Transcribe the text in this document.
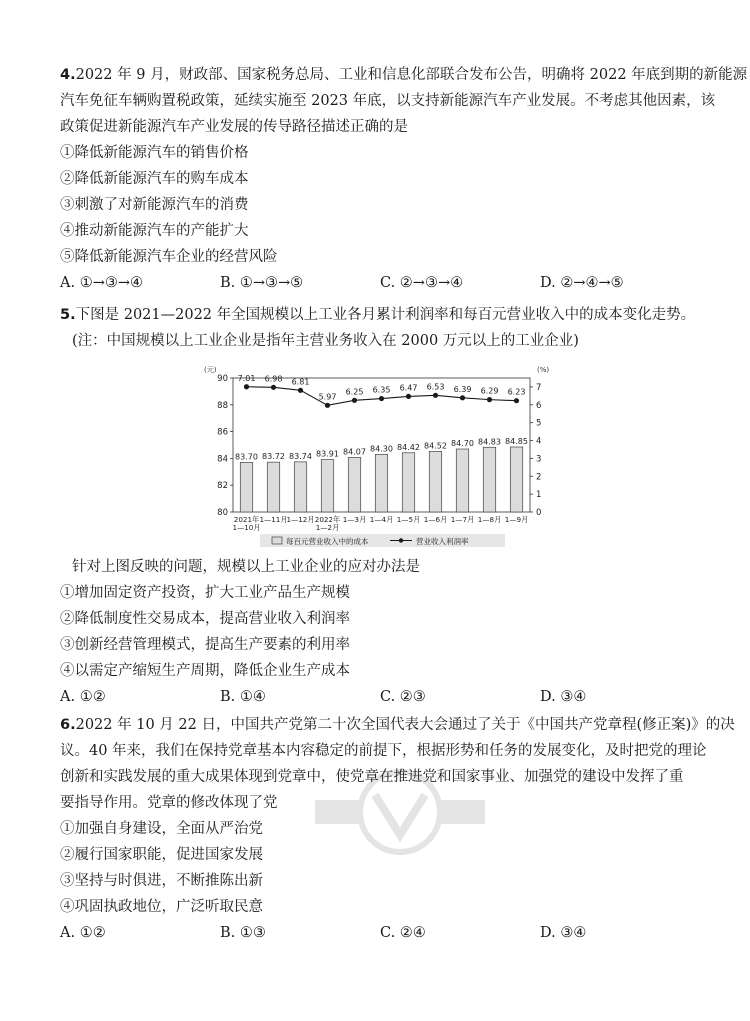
4.2022 年 9 月，财政部、国家税务总局、工业和信息化部联合发布公告，明确将 2022 年底到期的新能源
汽车免征车辆购置税政策，延续实施至 2023 年底，以支持新能源汽车产业发展。不考虑其他因素，该
政策促进新能源汽车产业发展的传导路径描述正确的是
①降低新能源汽车的销售价格
②降低新能源汽车的购车成本
③刺激了对新能源汽车的消费
④推动新能源汽车的产能扩大
⑤降低新能源汽车企业的经营风险
A. ①→③→④	B. ①→③→⑤	C. ②→③→④	D. ②→④→⑤
5.下图是 2021—2022 年全国规模以上工业各月累计利润率和每百元营业收入中的成本变化走势。
(注：中国规模以上工业企业是指年主营业务收入在 2000 万元以上的工业企业)
(元)	(%)
90
88
86
84
82
80
7
6
5
4
3
2
1
0
83.70 83.72 83.74 83.91 84.07 84.30 84.42 84.52 84.70 84.83 84.85
7.01 6.98 6.81
5.97
6.25 6.35 6.47 6.53 6.39 6.29 6.23
2021年
1—10月
1—11月
1—12月 2022年
1—2月
1—3月 1—4月 1—5月 1—6月 1—7月 1—8月 1—9月
每百元营业收入中的成本	营业收入利润率
针对上图反映的问题，规模以上工业企业的应对办法是
①增加固定资产投资，扩大工业产品生产规模
②降低制度性交易成本，提高营业收入利润率
③创新经营管理模式，提高生产要素的利用率
④以需定产缩短生产周期，降低企业生产成本
A. ①②	B. ①④	C. ②③	D. ③④
6.2022 年 10 月 22 日，中国共产党第二十次全国代表大会通过了关于《中国共产党章程(修正案)》的决
议。40 年来，我们在保持党章基本内容稳定的前提下，根据形势和任务的发展变化，及时把党的理论
创新和实践发展的重大成果体现到党章中，使党章在推进党和国家事业、加强党的建设中发挥了重
要指导作用。党章的修改体现了党
①加强自身建设，全面从严治党
②履行国家职能，促进国家发展
③坚持与时俱进，不断推陈出新
④巩固执政地位，广泛听取民意
A. ①②	B. ①③	C. ②④	D. ③④
